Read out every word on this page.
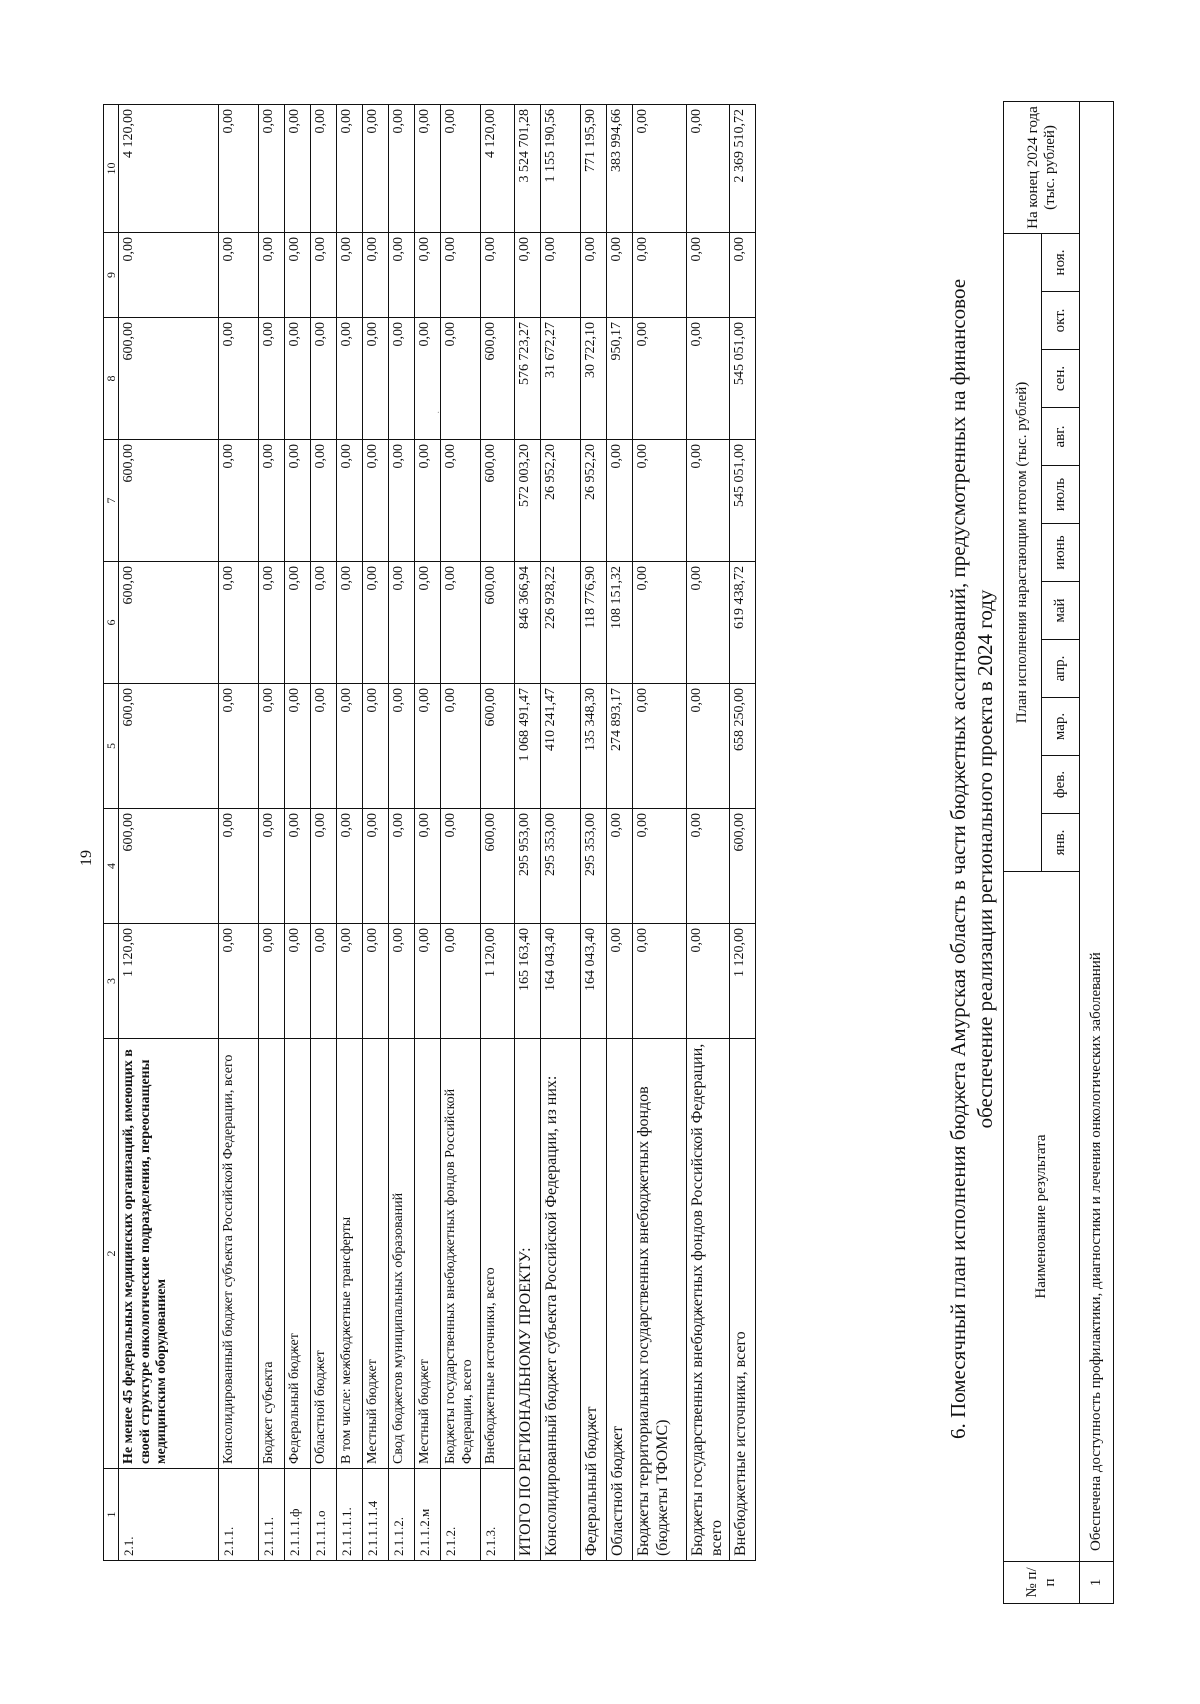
19
·
1	2	3	4	5	6	7	8	9	10
2.1.	Не менее 45 федеральных медицинских организаций, имеющих в своей структуре онкологические подразделения, переоснащены медицинским оборудованием	1 120,00	600,00	600,00	600,00	600,00	600,00	0,00	4 120,00
2.1.1.	Консолидированный бюджет субъекта Российской Федерации, всего	0,00	0,00	0,00	0,00	0,00	0,00	0,00	0,00
2.1.1.1.	Бюджет субъекта	0,00	0,00	0,00	0,00	0,00	0,00	0,00	0,00
2.1.1.1.ф	Федеральный бюджет	0,00	0,00	0,00	0,00	0,00	0,00	0,00	0,00
2.1.1.1.о	Областной бюджет	0,00	0,00	0,00	0,00	0,00	0,00	0,00	0,00
2.1.1.1.1.	В том числе: межбюджетные трансферты	0,00	0,00	0,00	0,00	0,00	0,00	0,00	0,00
2.1.1.1.1.4	Местный бюджет	0,00	0,00	0,00	0,00	0,00	0,00	0,00	0,00
2.1.1.2.	Свод бюджетов муниципальных образований	0,00	0,00	0,00	0,00	0,00	0,00	0,00	0,00
2.1.1.2.м	Местный бюджет	0,00	0,00	0,00	0,00	0,00	0,00	0,00	0,00
2.1.2.	Бюджеты государственных внебюджетных фондов Российской Федерации, всего	0,00	0,00	0,00	0,00	0,00	0,00	0,00	0,00
2.1.3.	Внебюджетные источники, всего	1 120,00	600,00	600,00	600,00	600,00	600,00	0,00	4 120,00
ИТОГО ПО РЕГИОНАЛЬНОМУ ПРОЕКТУ:		165 163,40	295 953,00	1 068 491,47	846 366,94	572 003,20	576 723,27	0,00	3 524 701,28
Консолидированный бюджет субъекта Российской Федерации, из них:		164 043,40	295 353,00	410 241,47	226 928,22	26 952,20	31 672,27	0,00	1 155 190,56
Федеральный бюджет		164 043,40	295 353,00	135 348,30	118 776,90	26 952,20	30 722,10	0,00	771 195,90
Областной бюджет		0,00	0,00	274 893,17	108 151,32	0,00	950,17	0,00	383 994,66
Бюджеты территориальных государственных внебюджетных фондов (бюджеты ТФОМС)		0,00	0,00	0,00	0,00	0,00	0,00	0,00	0,00
Бюджеты государственных внебюджетных фондов Российской Федерации, всего		0,00	0,00	0,00	0,00	0,00	0,00	0,00	0,00
Внебюджетные источники, всего		1 120,00	600,00	658 250,00	619 438,72	545 051,00	545 051,00	0,00	2 369 510,72
6. Помесячный план исполнения бюджета Амурская область в части бюджетных ассигнований, предусмотренных на финансовое обеспечение реализации регионального проекта в 2024 году
№ п/п	Наименование результата	План исполнения нарастающим итогом (тыс. рублей)											На конец 2024 года (тыс. рублей)
		янв.	фев.	мар.	апр.	май	июнь	июль	авг.	сен.	окт.	ноя.	
1	Обеспечена доступность профилактики, диагностики и лечения онкологических заболеваний												
